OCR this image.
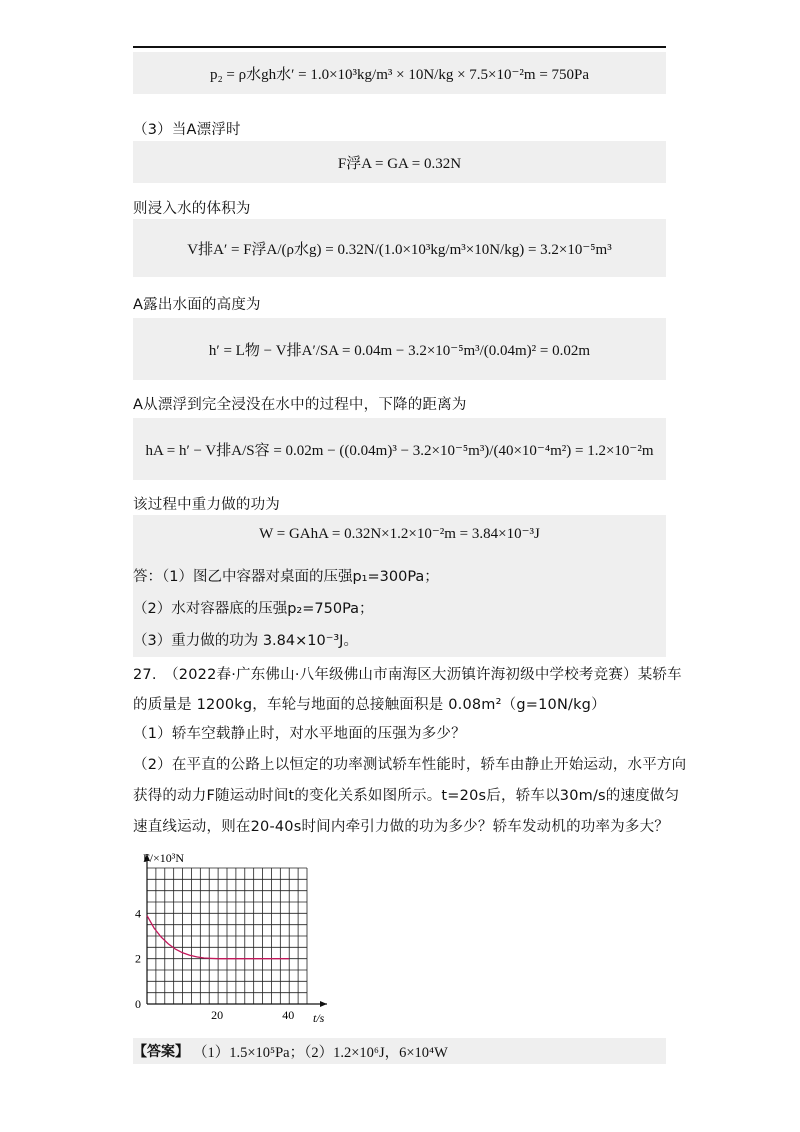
p₂ = ρ水gh水′ = 1.0×10³kg/m³ × 10N/kg × 7.5×10⁻²m = 750Pa
（3）当A漂浮时
F浮A = GA = 0.32N
则浸入水的体积为
V排A′ = F浮A/(ρ水g) = 0.32N/(1.0×10³kg/m³×10N/kg) = 3.2×10⁻⁵m³
A露出水面的高度为
h′ = L物 − V排A′/SA = 0.04m − 3.2×10⁻⁵m³/(0.04m)² = 0.02m
A从漂浮到完全浸没在水中的过程中，下降的距离为
hA = h′ − V排A/S容 = 0.02m − ((0.04m)³ − 3.2×10⁻⁵m³)/(40×10⁻⁴m²) = 1.2×10⁻²m
该过程中重力做的功为
W = GAhA = 0.32N×1.2×10⁻²m = 3.84×10⁻³J
答：（1）图乙中容器对桌面的压强p₁=300Pa；
（2）水对容器底的压强p₂=750Pa；
（3）重力做的功为 3.84×10⁻³J。
27.　（2022春·广东佛山·八年级佛山市南海区大沥镇许海初级中学校考竞赛）某轿车
的质量是 1200kg，车轮与地面的总接触面积是 0.08m²（g=10N/kg）
（1）轿车空载静止时，对水平地面的压强为多少？
（2）在平直的公路上以恒定的功率测试轿车性能时，轿车由静止开始运动，水平方向
获得的动力F随运动时间t的变化关系如图所示。t=20s后，轿车以30m/s的速度做匀
速直线运动，则在20-40s时间内牵引力做的功为多少？轿车发动机的功率为多大？
20	40
2
4
F/×10³N
t/s
0
【答案】 （1）1.5×10⁵Pa；（2）1.2×10⁶J，6×10⁴W
